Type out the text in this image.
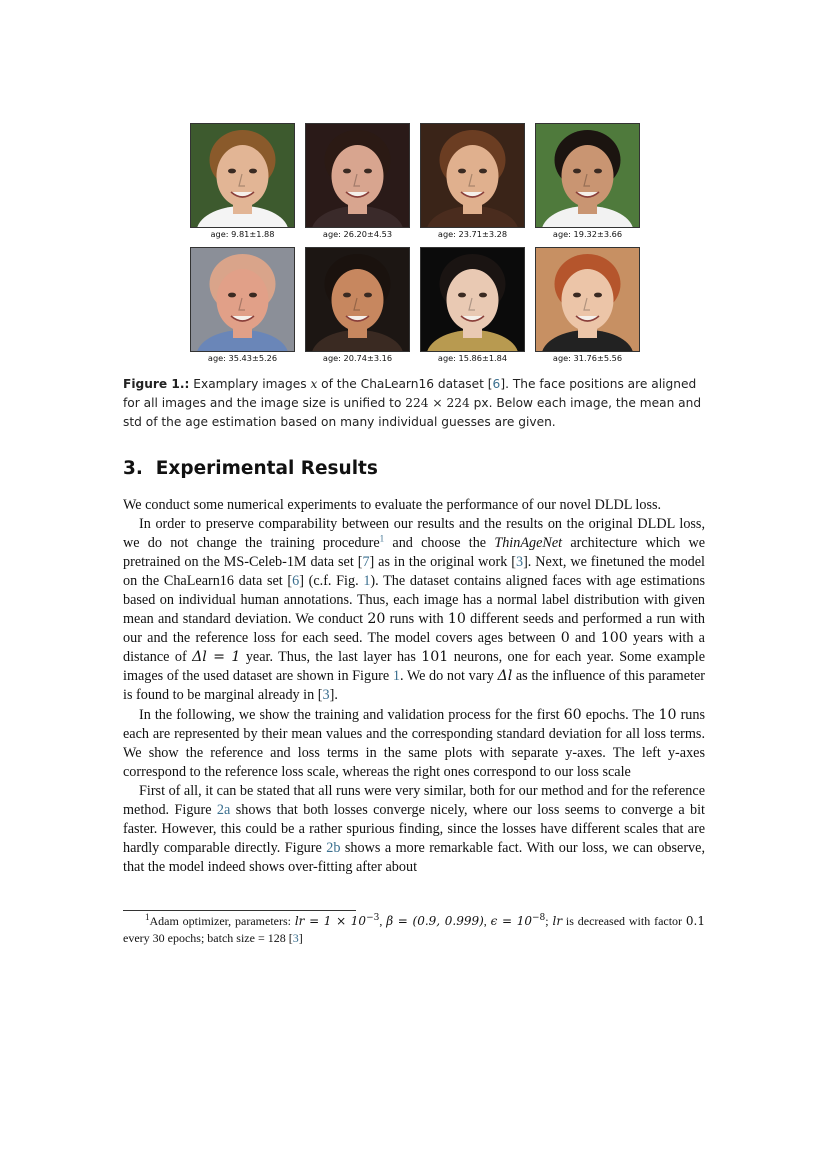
age: 9.81±1.88	age: 26.20±4.53	age: 23.71±3.28	age: 19.32±3.66
age: 35.43±5.26	age: 20.74±3.16	age: 15.86±1.84	age: 31.76±5.56
Figure 1.: Examplary images x of the ChaLearn16 dataset [6]. The face positions are aligned for all images and the image size is unified to 224 × 224 px. Below each image, the mean and std of the age estimation based on many individual guesses are given.
3. Experimental Results

We conduct some numerical experiments to evaluate the performance of our novel DLDL loss.

In order to preserve comparability between our results and the results on the original DLDL loss, we do not change the training procedure$^1$ and choose the ThinAgeNet architecture which we pretrained on the MS-Celeb-1M data set [7] as in the original work [3]. Next, we finetuned the model on the ChaLearn16 data set [6] (c.f. Fig. 1). The dataset contains aligned faces with age estimations based on individual human annotations. Thus, each image has a normal label distribution with given mean and standard deviation. We conduct 20 runs with 10 different seeds and performed a run with our and the reference loss for each seed. The model covers ages between 0 and 100 years with a distance of Δl = 1 year. Thus, the last layer has 101 neurons, one for each year. Some example images of the used dataset are shown in Figure 1. We do not vary Δl as the influence of this parameter is found to be marginal already in [3].

In the following, we show the training and validation process for the first 60 epochs. The 10 runs each are represented by their mean values and the corresponding standard deviation for all loss terms. We show the reference and loss terms in the same plots with separate y-axes. The left y-axes correspond to the reference loss scale, whereas the right ones correspond to our loss scale

First of all, it can be stated that all runs were very similar, both for our method and for the reference method. Figure 2a shows that both losses converge nicely, where our loss seems to converge a bit faster. However, this could be a rather spurious finding, since the losses have different scales that are hardly comparable directly. Figure 2b shows a more remarkable fact. With our loss, we can observe, that the model indeed shows over-fitting after about

$^1$Adam optimizer, parameters: lr = $1 \times 10^{-3}$, β = (0.9, 0.999), $\epsilon = 10^{-8}$; lr is decreased with factor 0.1 every 30 epochs; batch size = 128 [3]
